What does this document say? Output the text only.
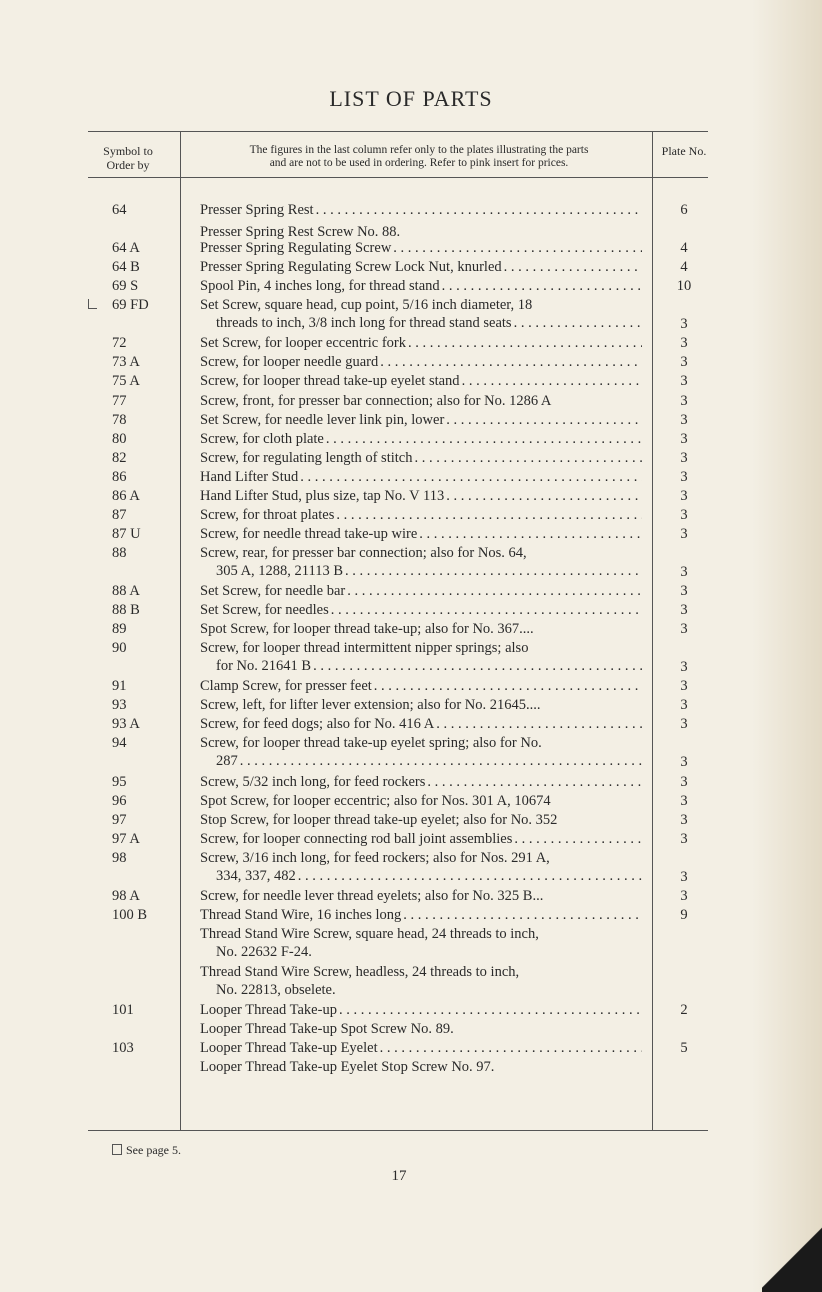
LIST OF PARTS
Symbol to Order by
The figures in the last column refer only to the plates illustrating the parts
and are not to be used in ordering. Refer to pink insert for prices.
Plate No.
64	Presser Spring Rest . . .	6
Presser Spring Rest Screw No. 88.
64 A	Presser Spring Regulating Screw . . .	4
64 B	Presser Spring Regulating Screw Lock Nut, knurled . . .	4
69 S	Spool Pin, 4 inches long, for thread stand . . .	10
69 FD	Set Screw, square head, cup point, 5/16 inch diameter, 18
threads to inch, 3/8 inch long for thread stand seats . . .	3
72	Set Screw, for looper eccentric fork . . .	3
73 A	Screw, for looper needle guard . . .	3
75 A	Screw, for looper thread take-up eyelet stand . . .	3
77	Screw, front, for presser bar connection; also for No. 1286 A	3
78	Set Screw, for needle lever link pin, lower . . .	3
80	Screw, for cloth plate . . .	3
82	Screw, for regulating length of stitch . . .	3
86	Hand Lifter Stud . . .	3
86 A	Hand Lifter Stud, plus size, tap No. V 113 . . .	3
87	Screw, for throat plates . . .	3
87 U	Screw, for needle thread take-up wire . . .	3
88	Screw, rear, for presser bar connection; also for Nos. 64,
305 A, 1288, 21113 B . . .	3
88 A	Set Screw, for needle bar . . .	3
88 B	Set Screw, for needles . . .	3
89	Spot Screw, for looper thread take-up; also for No. 367....	3
90	Screw, for looper thread intermittent nipper springs; also
for No. 21641 B . . .	3
91	Clamp Screw, for presser feet . . .	3
93	Screw, left, for lifter lever extension; also for No. 21645....	3
93 A	Screw, for feed dogs; also for No. 416 A . . .	3
94	Screw, for looper thread take-up eyelet spring; also for No.
287 . . .	3
95	Screw, 5/32 inch long, for feed rockers . . .	3
96	Spot Screw, for looper eccentric; also for Nos. 301 A, 10674	3
97	Stop Screw, for looper thread take-up eyelet; also for No. 352	3
97 A	Screw, for looper connecting rod ball joint assemblies . . .	3
98	Screw, 3/16 inch long, for feed rockers; also for Nos. 291 A,
334, 337, 482 . . .	3
98 A	Screw, for needle lever thread eyelets; also for No. 325 B...	3
100 B	Thread Stand Wire, 16 inches long . . .	9
Thread Stand Wire Screw, square head, 24 threads to inch,
No. 22632 F-24.
Thread Stand Wire Screw, headless, 24 threads to inch,
No. 22813, obselete.
101	Looper Thread Take-up . . .	2
Looper Thread Take-up Spot Screw No. 89.
103	Looper Thread Take-up Eyelet . . .	5
Looper Thread Take-up Eyelet Stop Screw No. 97.
See page 5.
17
